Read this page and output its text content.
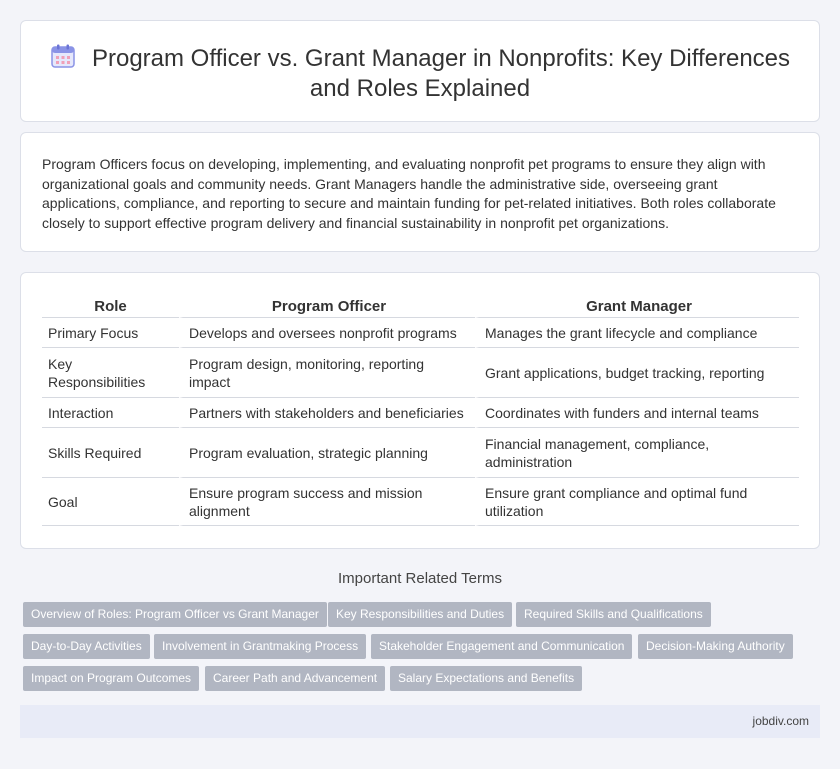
Program Officer vs. Grant Manager in Nonprofits: Key Differences and Roles Explained

Program Officers focus on developing, implementing, and evaluating nonprofit pet programs to ensure they align with organizational goals and community needs. Grant Managers handle the administrative side, overseeing grant applications, compliance, and reporting to secure and maintain funding for pet-related initiatives. Both roles collaborate closely to support effective program delivery and financial sustainability in nonprofit pet organizations.

Role	Program Officer	Grant Manager
Primary Focus	Develops and oversees nonprofit programs	Manages the grant lifecycle and compliance
Key Responsibilities	Program design, monitoring, reporting impact	Grant applications, budget tracking, reporting
Interaction	Partners with stakeholders and beneficiaries	Coordinates with funders and internal teams
Skills Required	Program evaluation, strategic planning	Financial management, compliance, administration
Goal	Ensure program success and mission alignment	Ensure grant compliance and optimal fund utilization
Important Related Terms
Overview of Roles: Program Officer vs Grant Manager	Key Responsibilities and Duties	Required Skills and Qualifications
Day-to-Day Activities	Involvement in Grantmaking Process	Stakeholder Engagement and Communication	Decision-Making Authority
Impact on Program Outcomes	Career Path and Advancement	Salary Expectations and Benefits
jobdiv.com
